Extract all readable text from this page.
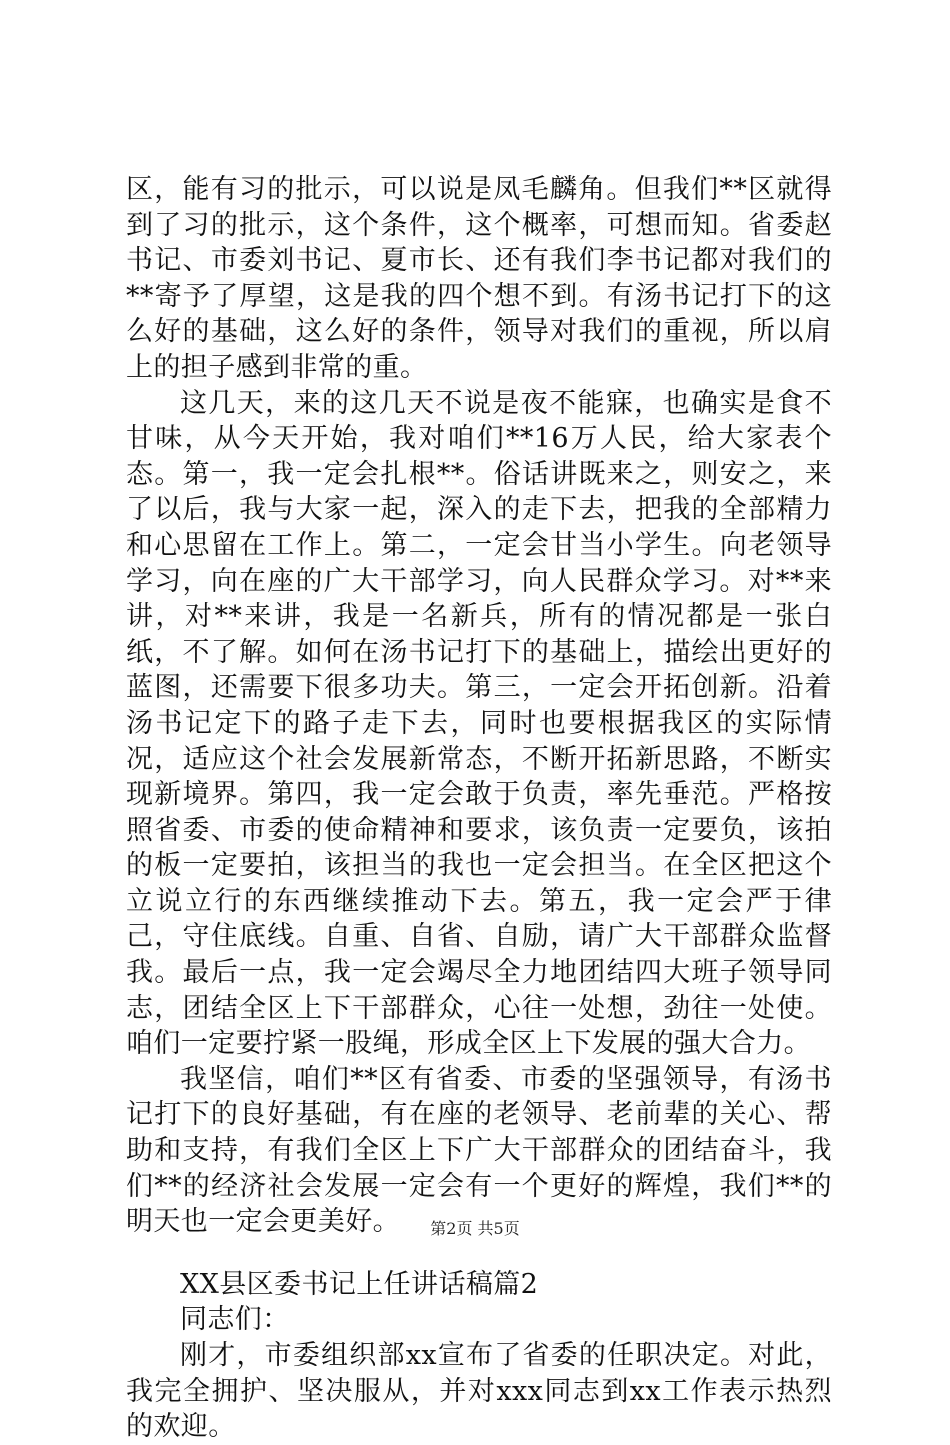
区，能有习的批示，可以说是凤毛麟角。但我们**区就得到了习的批示，这个条件，这个概率，可想而知。省委赵书记、市委刘书记、夏市长、还有我们李书记都对我们的**寄予了厚望，这是我的四个想不到。有汤书记打下的这么好的基础，这么好的条件，领导对我们的重视，所以肩上的担子感到非常的重。

这几天，来的这几天不说是夜不能寐，也确实是食不甘味，从今天开始，我对咱们**16万人民，给大家表个态。第一，我一定会扎根**。俗话讲既来之，则安之，来了以后，我与大家一起，深入的走下去，把我的全部精力和心思留在工作上。第二，一定会甘当小学生。向老领导学习，向在座的广大干部学习，向人民群众学习。对**来讲，对**来讲，我是一名新兵，所有的情况都是一张白纸，不了解。如何在汤书记打下的基础上，描绘出更好的蓝图，还需要下很多功夫。第三，一定会开拓创新。沿着汤书记定下的路子走下去，同时也要根据我区的实际情况，适应这个社会发展新常态，不断开拓新思路，不断实现新境界。第四，我一定会敢于负责，率先垂范。严格按照省委、市委的使命精神和要求，该负责一定要负，该拍的板一定要拍，该担当的我也一定会担当。在全区把这个立说立行的东西继续推动下去。第五，我一定会严于律己，守住底线。自重、自省、自励，请广大干部群众监督我。最后一点，我一定会竭尽全力地团结四大班子领导同志，团结全区上下干部群众，心往一处想，劲往一处使。咱们一定要拧紧一股绳，形成全区上下发展的强大合力。

我坚信，咱们**区有省委、市委的坚强领导，有汤书记打下的良好基础，有在座的老领导、老前辈的关心、帮助和支持，有我们全区上下广大干部群众的团结奋斗，我们**的经济社会发展一定会有一个更好的辉煌，我们**的明天也一定会更美好。

XX县区委书记上任讲话稿篇2

同志们：

刚才，市委组织部xx宣布了省委的任职决定。对此，我完全拥护、坚决服从，并对xxx同志到xx工作表示热烈的欢迎。

第2页 共5页
